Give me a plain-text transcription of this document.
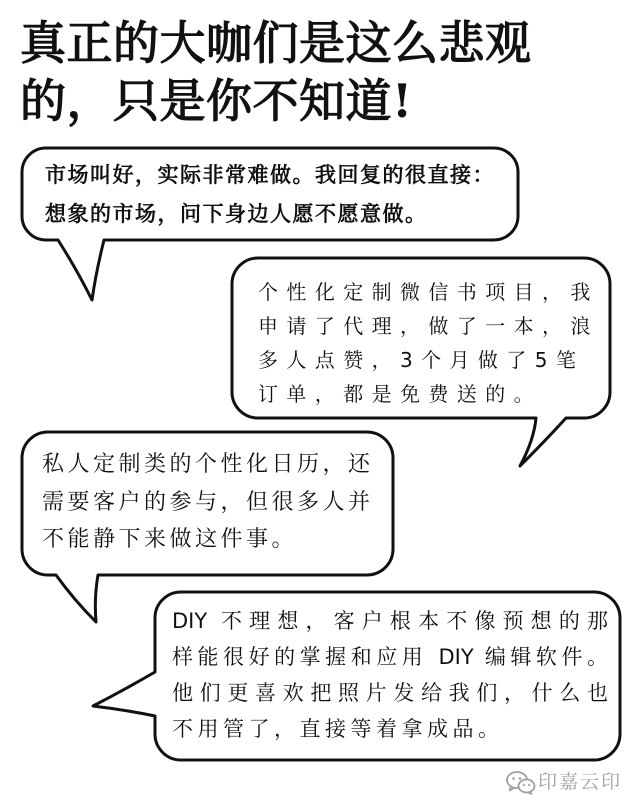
真正的大咖们是这么悲观
的，只是你不知道!
市场叫好，实际非常难做。我回复的很直接：
想象的市场，问下身边人愿不愿意做。
个性化定制微信书项目，我
申请了代理，做了一本，浪
多人点赞，3个月做了5笔
订单，都是免费送的。
私人定制类的个性化日历，还
需要客户的参与，但很多人并
不能静下来做这件事。
DIY 不理想，客户根本不像预想的那
样能很好的掌握和应用 DIY 编辑软件。
他们更喜欢把照片发给我们，什么也
不用管了，直接等着拿成品。
印嘉云印
